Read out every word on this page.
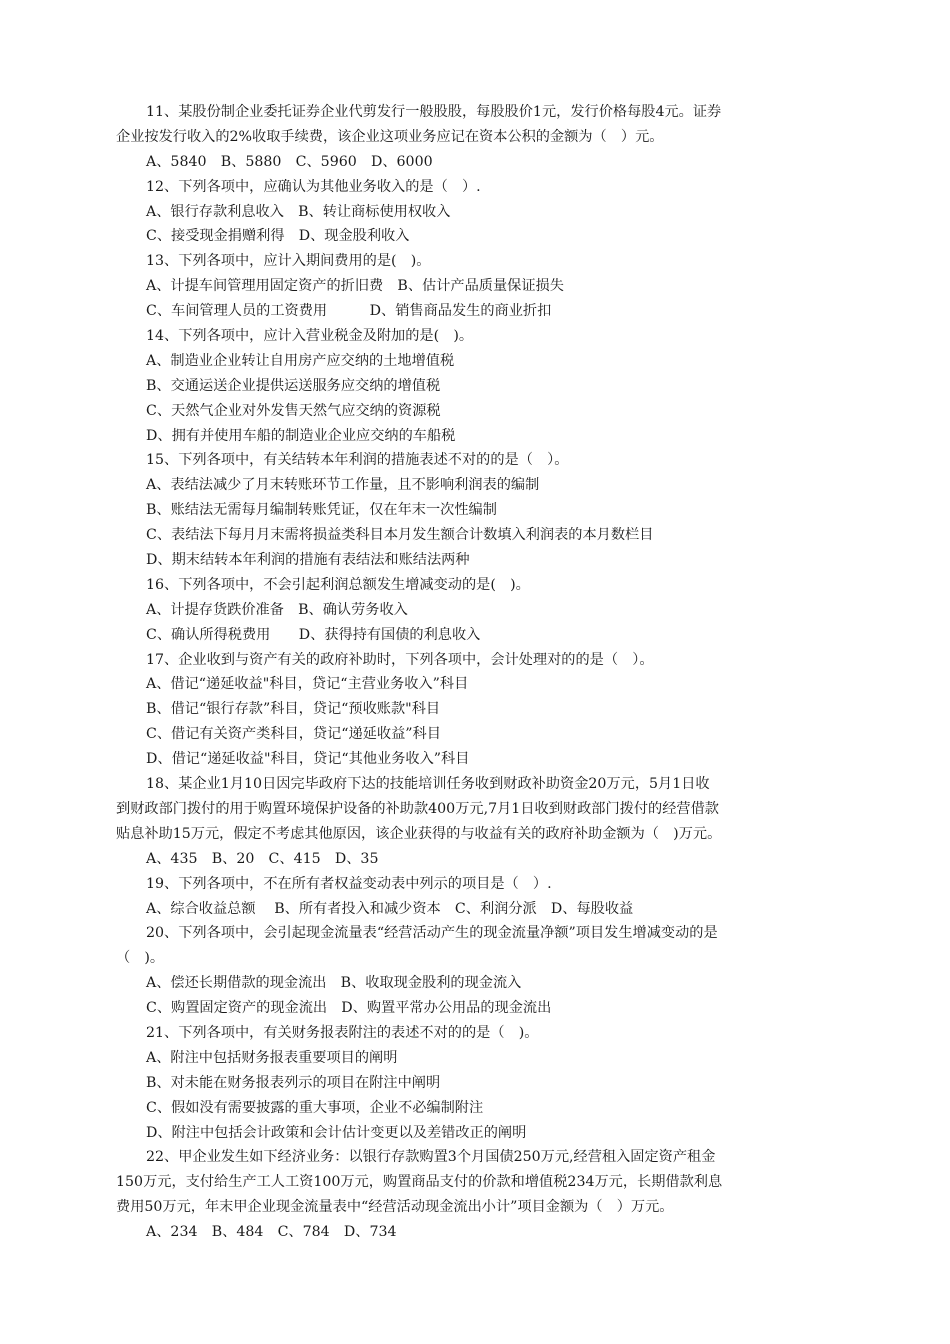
11、某股份制企业委托证券企业代剪发行一般股股，每股股价1元，发行价格每股4元。证券
企业按发行收入的2%收取手续费，该企业这项业务应记在资本公积的金额为（　）元。
A、5840　B、5880　C、5960　D、6000
12、下列各项中，应确认为其他业务收入的是（　）.
A、银行存款利息收入　B、转让商标使用权收入
C、接受现金捐赠利得　D、现金股利收入
13、下列各项中，应计入期间费用的是(　)。
A、计提车间管理用固定资产的折旧费　B、估计产品质量保证损失
C、车间管理人员的工资费用　　　D、销售商品发生的商业折扣
14、下列各项中，应计入营业税金及附加的是(　)。
A、制造业企业转让自用房产应交纳的土地增值税
B、交通运送企业提供运送服务应交纳的增值税
C、天然气企业对外发售天然气应交纳的资源税
D、拥有并使用车船的制造业企业应交纳的车船税
15、下列各项中，有关结转本年利润的措施表述不对的的是（　）。
A、表结法减少了月末转账环节工作量，且不影响利润表的编制
B、账结法无需每月编制转账凭证，仅在年末一次性编制
C、表结法下每月月末需将损益类科目本月发生额合计数填入利润表的本月数栏目
D、期末结转本年利润的措施有表结法和账结法两种
16、下列各项中，不会引起利润总额发生增减变动的是(　)。
A、计提存货跌价准备　B、确认劳务收入
C、确认所得税费用　　D、获得持有国债的利息收入
17、企业收到与资产有关的政府补助时，下列各项中，会计处理对的的是（　）。
A、借记“递延收益"科目，贷记“主营业务收入”科目
B、借记“银行存款”科目，贷记“预收账款"科目
C、借记有关资产类科目，贷记“递延收益”科目
D、借记“递延收益"科目，贷记“其他业务收入”科目
18、某企业1月10日因完毕政府下达的技能培训任务收到财政补助资金20万元，5月1日收
到财政部门拨付的用于购置环境保护设备的补助款400万元,7月1日收到财政部门拨付的经营借款
贴息补助15万元，假定不考虑其他原因，该企业获得的与收益有关的政府补助金额为（　)万元。
A、435　B、20　C、415　D、35
19、下列各项中，不在所有者权益变动表中列示的项目是（　）.
A、综合收益总额　 B、所有者投入和减少资本　C、利润分派　D、每股收益
20、下列各项中，会引起现金流量表“经营活动产生的现金流量净额”项目发生增减变动的是
（　)。
A、偿还长期借款的现金流出　B、收取现金股利的现金流入
C、购置固定资产的现金流出　D、购置平常办公用品的现金流出
21、下列各项中，有关财务报表附注的表述不对的的是（　)。
A、附注中包括财务报表重要项目的阐明
B、对未能在财务报表列示的项目在附注中阐明
C、假如没有需要披露的重大事项，企业不必编制附注
D、附注中包括会计政策和会计估计变更以及差错改正的阐明
22、甲企业发生如下经济业务：以银行存款购置3个月国债250万元,经营租入固定资产租金
150万元，支付给生产工人工资100万元，购置商品支付的价款和增值税234万元，长期借款利息
费用50万元，年末甲企业现金流量表中“经营活动现金流出小计”项目金额为（　）万元。
A、234　B、484　C、784　D、734
